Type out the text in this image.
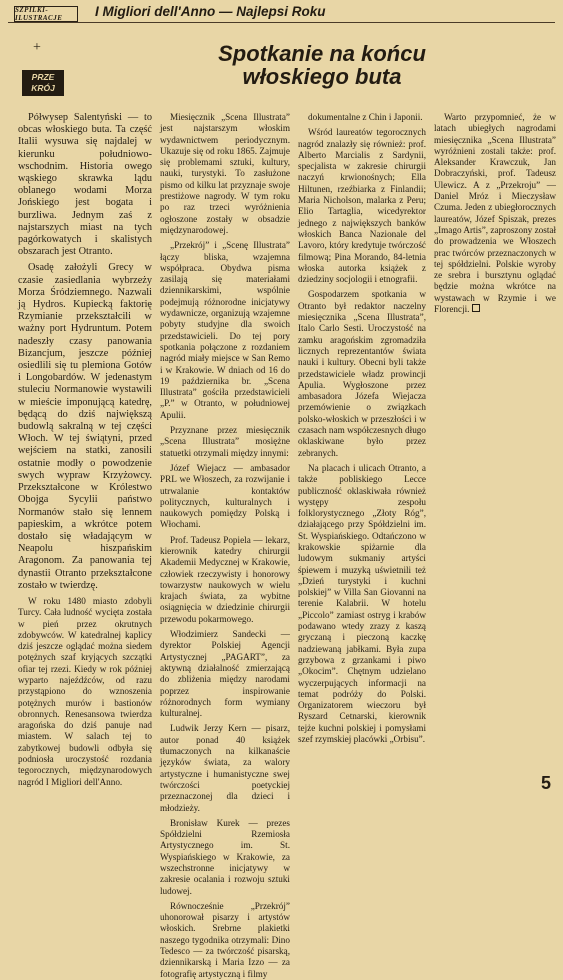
SZPILKI-ILUSTRACJE	I Migliori dell'Anno — Najlepsi Roku
+
PRZE
KRÓJ
Spotkanie na końcu
włoskiego buta

Półwysep Salentyński — to obcas włoskiego buta. Ta część Italii wysuwa się najdalej w kierunku południowo-wschodnim. Historia owego wąskiego skrawka lądu oblanego wodami Morza Jońskiego jest bogata i burzliwa. Jednym zaś z najstarszych miast na tych pagórkowatych i skalistych obszarach jest Otranto.

Osadę założyli Grecy w czasie zasiedlania wybrzeży Morza Śródziemnego. Nazwali ją Hydros. Kupiecką faktorię Rzymianie przekształcili w ważny port Hydruntum. Potem nadeszły czasy panowania Bizancjum, jeszcze później osiedlili się tu plemiona Gotów i Longobardów. W jedenastym stuleciu Normanowie wystawili w mieście imponującą katedrę, będącą do dziś największą budowlą sakralną w tej części Włoch. W tej świątyni, przed wejściem na statki, zanosili ostatnie modły o powodzenie swych wypraw Krzyżowcy. Przekształcone w Królestwo Obojga Sycylii państwo Normanów stało się lennem papieskim, a wkrótce potem dostało się władającym w Neapolu hiszpańskim Aragonom. Za panowania tej dynastii Otranto przekształcone zostało w twierdzę.

W roku 1480 miasto zdobyli Turcy. Cała ludność wycięta została w pień przez okrutnych zdobywców. W katedralnej kaplicy dziś jeszcze oglądać można siedem potężnych szaf kryjących szczątki ofiar tej rzezi. Kiedy w rok później wyparto najeźdźców, od razu przystąpiono do wznoszenia potężnych murów i bastionów obronnych. Renesansowa twierdza aragońska do dziś panuje nad miastem. W salach tej to zabytkowej budowli odbyła się podniosła uroczystość rozdania tegorocznych, międzynarodowych nagród I Migliori dell'Anno.

Miesięcznik „Scena Illustrata” jest najstarszym włoskim wydawnictwem periodycznym. Ukazuje się od roku 1865. Zajmuje się problemami sztuki, kultury, nauki, turystyki. To zasłużone pismo od kilku lat przyznaje swoje prestiżowe nagrody. W tym roku po raz trzeci wyróżnienia ogłoszone zostały w obsadzie międzynarodowej.

„Przekrój” i „Scenę Illustrata” łączy bliska, wzajemna współpraca. Obydwa pisma zasilają się materiałami dziennikarskimi, wspólnie podejmują różnorodne inicjatywy wydawnicze, organizują wzajemne pobyty studyjne dla swoich przedstawicieli. Do tej pory spotkania połączone z rozdaniem nagród miały miejsce w San Remo i w Krakowie. W dniach od 16 do 19 października br. „Scena Illustrata” gościła przedstawicieli „P.” w Otranto, w południowej Apulii.

Przyznane przez miesięcznik „Scena Illustrata” mosiężne statuetki otrzymali między innymi:

Józef Wiejacz — ambasador PRL we Włoszech, za rozwijanie i utrwalanie kontaktów politycznych, kulturalnych i naukowych pomiędzy Polską i Włochami.

Prof. Tadeusz Popiela — lekarz, kierownik katedry chirurgii Akademii Medycznej w Krakowie, człowiek rzeczywisty i honorowy towarzystw naukowych w wielu krajach świata, za wybitne osiągnięcia w dziedzinie chirurgii przewodu pokarmowego.

Włodzimierz Sandecki — dyrektor Polskiej Agencji Artystycznej „PAGART”, za aktywną działalność zmierzającą do zbliżenia między narodami poprzez inspirowanie różnorodnych form wymiany kulturalnej.

Ludwik Jerzy Kern — pisarz, autor ponad 40 książek tłumaczonych na kilkanaście języków świata, za walory artystyczne i humanistyczne swej twórczości poetyckiej przeznaczonej dla dzieci i młodzieży.

Bronisław Kurek — prezes Spółdzielni Rzemiosła Artystycznego im. St. Wyspiańskiego w Krakowie, za wszechstronne inicjatywy w zakresie ocalania i rozwoju sztuki ludowej.

Równocześnie „Przekrój” uhonorował pisarzy i artystów włoskich. Srebrne plakietki naszego tygodnika otrzymali: Dino Tedesco — za twórczość pisarską, dziennikarską i Maria Izzo — za fotografię artystyczną i filmy

dokumentalne z Chin i Japonii.

Wśród laureatów tegorocznych nagród znalazły się również: prof. Alberto Marcialis z Sardynii, specjalista w zakresie chirurgii naczyń krwionośnych; Ella Hiltunen, rzeźbiarka z Finlandii; Maria Nicholson, malarka z Peru; Elio Tartaglia, wicedyrektor jednego z największych banków włoskich Banca Nazionale del Lavoro, który kredytuje twórczość filmową; Pina Morando, 84-letnia włoska autorka książek z dziedziny socjologii i etnografii.

Gospodarzem spotkania w Otranto był redaktor naczelny miesięcznika „Scena Illustrata”, Italo Carlo Sesti. Uroczystość na zamku aragońskim zgromadziła licznych reprezentantów świata nauki i kultury. Obecni byli także przedstawiciele władz prowincji Apulia. Wygłoszone przez ambasadora Józefa Wiejacza przemówienie o związkach polsko-włoskich w przeszłości i w czasach nam współczesnych długo oklaskiwane było przez zebranych.

Na placach i ulicach Otranto, a także pobliskiego Lecce publiczność oklaskiwała również występy zespołu folklorystycznego „Złoty Róg”, działającego przy Spółdzielni im. St. Wyspiańskiego. Odtańczono w krakowskie spiżarnie dla ludowym sukmaniy artyści śpiewem i muzyką uświetnili też „Dzień turystyki i kuchni polskiej” w Villa San Giovanni na terenie Kalabrii. W hotelu „Piccolo” zamiast ostryg i krabów podawano wtedy zrazy z kaszą gryczaną i pieczoną kaczkę nadziewaną jabłkami. Była zupa grzybowa z grzankami i piwo „Okocim”. Chętnym udzielano wyczerpujących informacji na temat podróży do Polski. Organizatorem wieczoru był Ryszard Cetnarski, kierownik tejże kuchni polskiej i pomysłami szef rzymskiej placówki „Orbisu”.

Warto przypomnieć, że w latach ubiegłych nagrodami miesięcznika „Scena Illustrata” wyróżnieni zostali także: prof. Aleksander Krawczuk, Jan Dobraczyński, prof. Tadeusz Ulewicz. A z „Przekroju” — Daniel Mróz i Mieczysław Czuma. Jeden z ubiegłorocznych laureatów, Józef Spiszak, prezes „Imago Artis”, zaproszony został do prowadzenia we Włoszech prac twórców przeznaczonych w tej spółdzielni. Polskie wyroby ze srebra i bursztynu oglądać będzie można wkrótce na wystawach w Rzymie i we Florencji.

5
